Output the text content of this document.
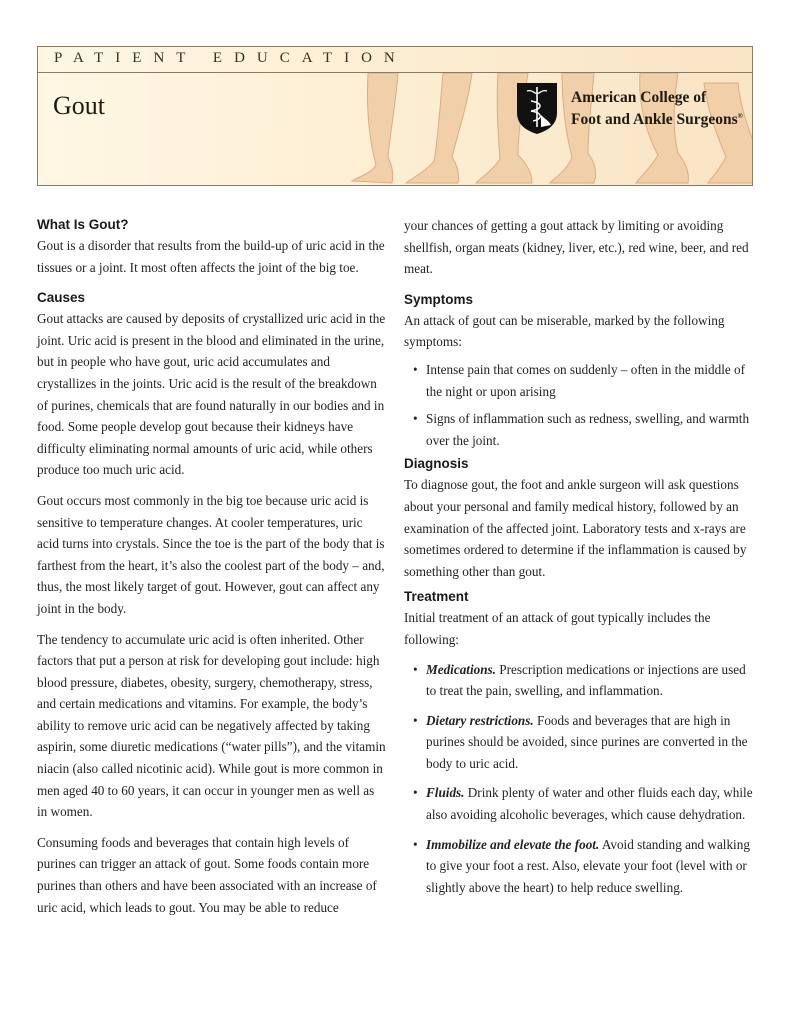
PATIENT EDUCATION
Gout	American College of
Foot and Ankle Surgeons®
What Is Gout?

Gout is a disorder that results from the build-up of uric acid in the tissues or a joint. It most often affects the joint of the big toe.

Causes

Gout attacks are caused by deposits of crystallized uric acid in the joint. Uric acid is present in the blood and eliminated in the urine, but in people who have gout, uric acid accumulates and crystallizes in the joints. Uric acid is the result of the breakdown of purines, chemicals that are found naturally in our bodies and in food. Some people develop gout because their kidneys have difficulty eliminating normal amounts of uric acid, while others produce too much uric acid.

Gout occurs most commonly in the big toe because uric acid is sensitive to temperature changes. At cooler temperatures, uric acid turns into crystals. Since the toe is the part of the body that is farthest from the heart, it’s also the coolest part of the body – and, thus, the most likely target of gout. However, gout can affect any joint in the body.

The tendency to accumulate uric acid is often inherited. Other factors that put a person at risk for developing gout include: high blood pressure, diabetes, obesity, surgery, chemotherapy, stress, and certain medications and vitamins. For example, the body’s ability to remove uric acid can be negatively affected by taking aspirin, some diuretic medications (“water pills”), and the vitamin niacin (also called nicotinic acid). While gout is more common in men aged 40 to 60 years, it can occur in younger men as well as in women.

Consuming foods and beverages that contain high levels of purines can trigger an attack of gout. Some foods contain more purines than others and have been associated with an increase of uric acid, which leads to gout. You may be able to reduce

your chances of getting a gout attack by limiting or avoiding shellfish, organ meats (kidney, liver, etc.), red wine, beer, and red meat.

Symptoms

An attack of gout can be miserable, marked by the following symptoms:

• Intense pain that comes on suddenly – often in the middle of the night or upon arising
• Signs of inflammation such as redness, swelling, and warmth over the joint.
Diagnosis

To diagnose gout, the foot and ankle surgeon will ask questions about your personal and family medical history, followed by an examination of the affected joint. Laboratory tests and x-rays are sometimes ordered to determine if the inflammation is caused by something other than gout.

Treatment

Initial treatment of an attack of gout typically includes the following:

• Medications. Prescription medications or injections are used to treat the pain, swelling, and inflammation.
• Dietary restrictions. Foods and beverages that are high in purines should be avoided, since purines are converted in the body to uric acid.
• Fluids. Drink plenty of water and other fluids each day, while also avoiding alcoholic beverages, which cause dehydration.
• Immobilize and elevate the foot. Avoid standing and walking to give your foot a rest. Also, elevate your foot (level with or slightly above the heart) to help reduce swelling.
